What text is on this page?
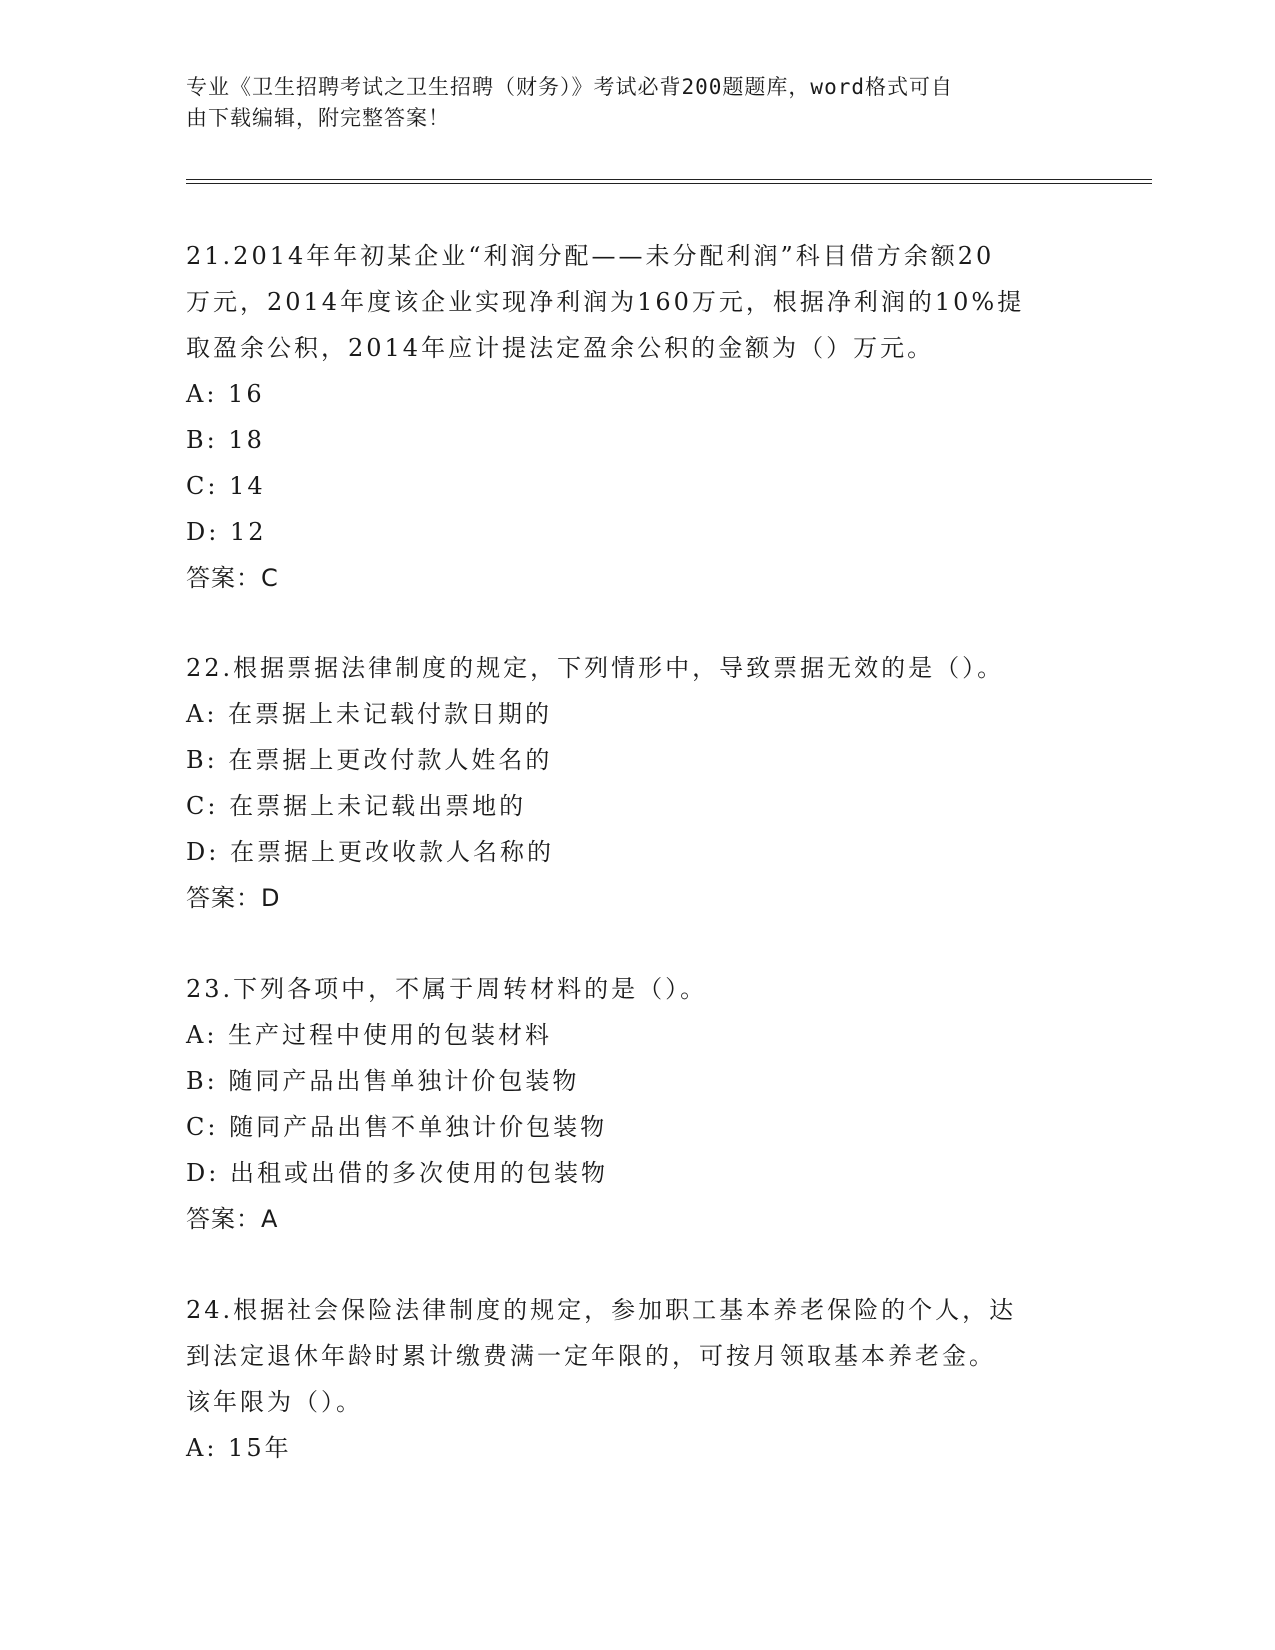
专业《卫生招聘考试之卫生招聘（财务）》考试必背200题题库，word格式可自
由下载编辑，附完整答案！

21.2014年年初某企业“利润分配——未分配利润”科目借方余额20

万元，2014年度该企业实现净利润为160万元，根据净利润的10%提

取盈余公积，2014年应计提法定盈余公积的金额为（）万元。

A: 16
B: 18
C: 14
D: 12
答案：C

22.根据票据法律制度的规定，下列情形中，导致票据无效的是（）。

A: 在票据上未记载付款日期的
B: 在票据上更改付款人姓名的
C: 在票据上未记载出票地的
D: 在票据上更改收款人名称的
答案：D

23.下列各项中，不属于周转材料的是（）。

A: 生产过程中使用的包装材料
B: 随同产品出售单独计价包装物
C: 随同产品出售不单独计价包装物
D: 出租或出借的多次使用的包装物
答案：A

24.根据社会保险法律制度的规定，参加职工基本养老保险的个人，达

到法定退休年龄时累计缴费满一定年限的，可按月领取基本养老金。

该年限为（）。

A: 15年
